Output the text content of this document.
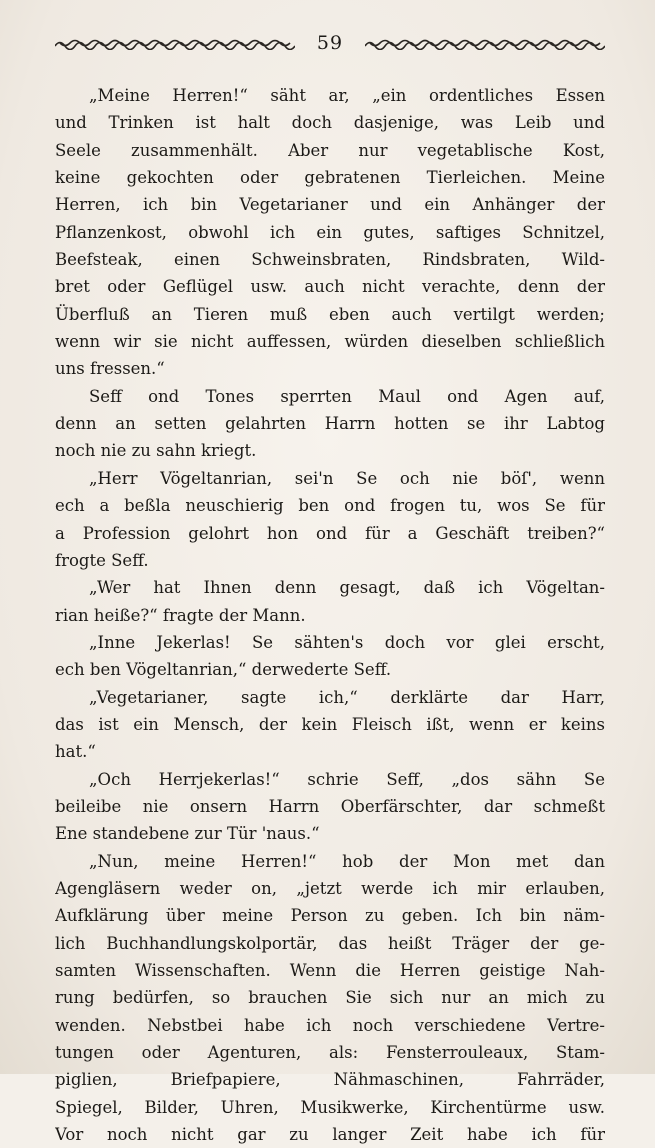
59
„Meine Herren!“ säht ar, „ein ordentliches Essen
und Trinken ist halt doch dasjenige, was Leib und
Seele zusammenhält. Aber nur vegetablische Kost,
keine gekochten oder gebratenen Tierleichen. Meine
Herren, ich bin Vegetarianer und ein Anhänger der
Pflanzenkost, obwohl ich ein gutes, saftiges Schnitzel,
Beefsteak, einen Schweinsbraten, Rindsbraten, Wild-
bret oder Geflügel usw. auch nicht verachte, denn der
Überfluß an Tieren muß eben auch vertilgt werden;
wenn wir sie nicht auffessen, würden dieselben schließlich
uns fressen.“
Seff ond Tones sperrten Maul ond Agen auf,
denn an setten gelahrten Harrn hotten se ihr Labtog
noch nie zu sahn kriegt.
„Herr Vögeltanrian, sei'n Se och nie böſ', wenn
ech a beßla neuschierig ben ond frogen tu, wos Se für
a Profession gelohrt hon ond für a Geschäft treiben?“
frogte Seff.
„Wer hat Ihnen denn gesagt, daß ich Vögeltan-
rian heiße?“ fragte der Mann.
„Inne Jekerlas! Se sähten's doch vor glei erscht,
ech ben Vögeltanrian,“ derwederte Seff.
„Vegetarianer, sagte ich,“ derklärte dar Harr,
das ist ein Mensch, der kein Fleisch ißt, wenn er keins
hat.“
„Och Herrjekerlas!“ schrie Seff, „dos sähn Se
beileibe nie onsern Harrn Oberfärschter, dar schmeßt
Ene standebene zur Tür 'naus.“
„Nun, meine Herren!“ hob der Mon met dan
Agengläsern weder on, „jetzt werde ich mir erlauben,
Aufklärung über meine Person zu geben. Ich bin näm-
lich Buchhandlungskolportär, das heißt Träger der ge-
samten Wissenschaften. Wenn die Herren geistige Nah-
rung bedürfen, so brauchen Sie sich nur an mich zu
wenden. Nebstbei habe ich noch verschiedene Vertre-
tungen oder Agenturen, als: Fensterrouleaux, Stam-
piglien, Briefpapiere, Nähmaschinen, Fahrräder,
Spiegel, Bilder, Uhren, Musikwerke, Kirchentürme usw.
Vor noch nicht gar zu langer Zeit habe ich für
